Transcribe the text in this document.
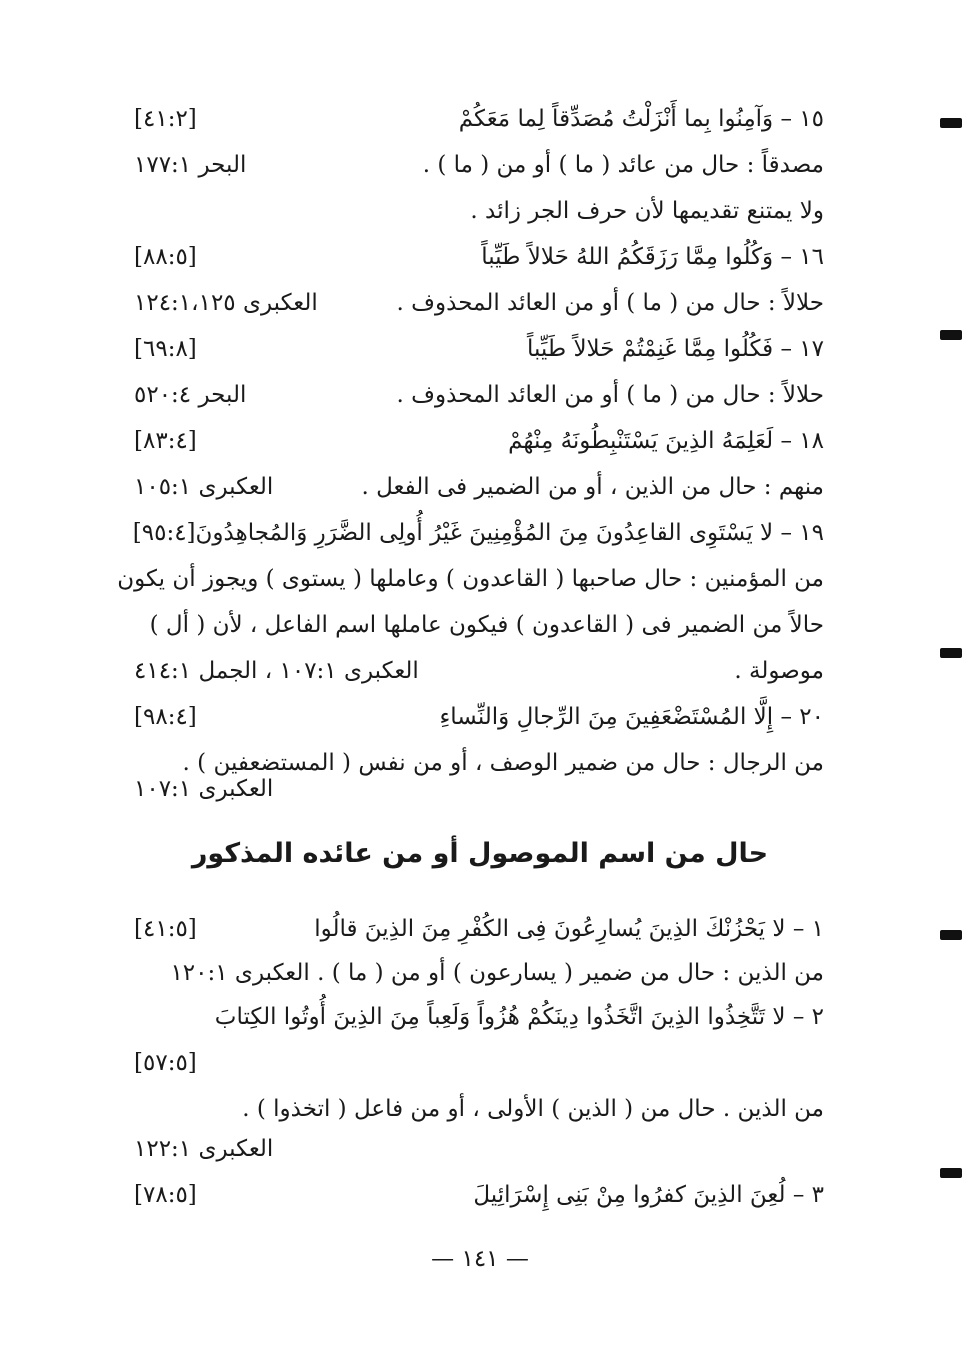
١٥ – وَآمِنُوا بِما أَنْزَلْتُ مُصَدِّقاً لِما مَعَكُمْ
[٤١:٢]
مصدقاً : حال من عائد ( ما ) أو من ( ما ) .
البحر ١٧٧:١
ولا يمتنع تقديمها لأن حرف الجر زائد .
١٦ – وَكُلُوا مِمَّا رَزَقَكُمُ اللهُ حَلالاً طَيِّباً
[٨٨:٥]
حلالاً : حال من ( ما ) أو من العائد المحذوف .
العكبرى ١٢٤:١،١٢٥
١٧ – فَكُلُوا مِمَّا غَنِمْتُمْ حَلالاً طَيِّباً
[٦٩:٨]
حلالاً : حال من ( ما ) أو من العائد المحذوف .
البحر ٥٢٠:٤
١٨ – لَعَلِمَهُ الذِينَ يَسْتَنْبِطُونَهُ مِنْهُمْ
[٨٣:٤]
منهم : حال من الذين ، أو من الضمير فى الفعل .
العكبرى ١٠٥:١
١٩ – لا يَسْتَوِى القاعِدُونَ مِنَ المُؤْمِنِينَ غَيْرُ أُولِى الضَّرَرِ وَالمُجاهِدُونَ[٩٥:٤]
من المؤمنين : حال صاحبها ( القاعدون ) وعاملها ( يستوى ) ويجوز أن يكون
حالاً من الضمير فى ( القاعدون ) فيكون عاملها اسم الفاعل ، لأن ( أل )
موصولة .
العكبرى ١٠٧:١ ، الجمل ٤١٤:١
٢٠ – إِلَّا المُسْتَضْعَفِينَ مِنَ الرِّجالِ وَالنِّساءِ
[٩٨:٤]
من الرجال : حال من ضمير الوصف ، أو من نفس ( المستضعفين ) .
العكبرى ١٠٧:١
حال من اسم الموصول أو من عائده المذكور
١ – لا يَحْزُنْكَ الذِينَ يُسارِعُونَ فِى الكُفْرِ مِنَ الذِينَ قالُوا
[٤١:٥]
من الذين : حال من ضمير ( يسارعون ) أو من ( ما ) . العكبرى ١٢٠:١
٢ – لا تَتَّخِذُوا الذِينَ اتَّخَذُوا دِينَكُمْ هُزُواً وَلَعِباً مِنَ الذِينَ أُوتُوا الكِتابَ
[٥٧:٥]
من الذين . حال من ( الذين ) الأولى ، أو من فاعل ( اتخذوا ) .
العكبرى ١٢٢:١
٣ – لُعِنَ الذِينَ كفرُوا مِنْ بَنِى إِسْرَائِيلَ
[٧٨:٥]
— ١٤١ —
